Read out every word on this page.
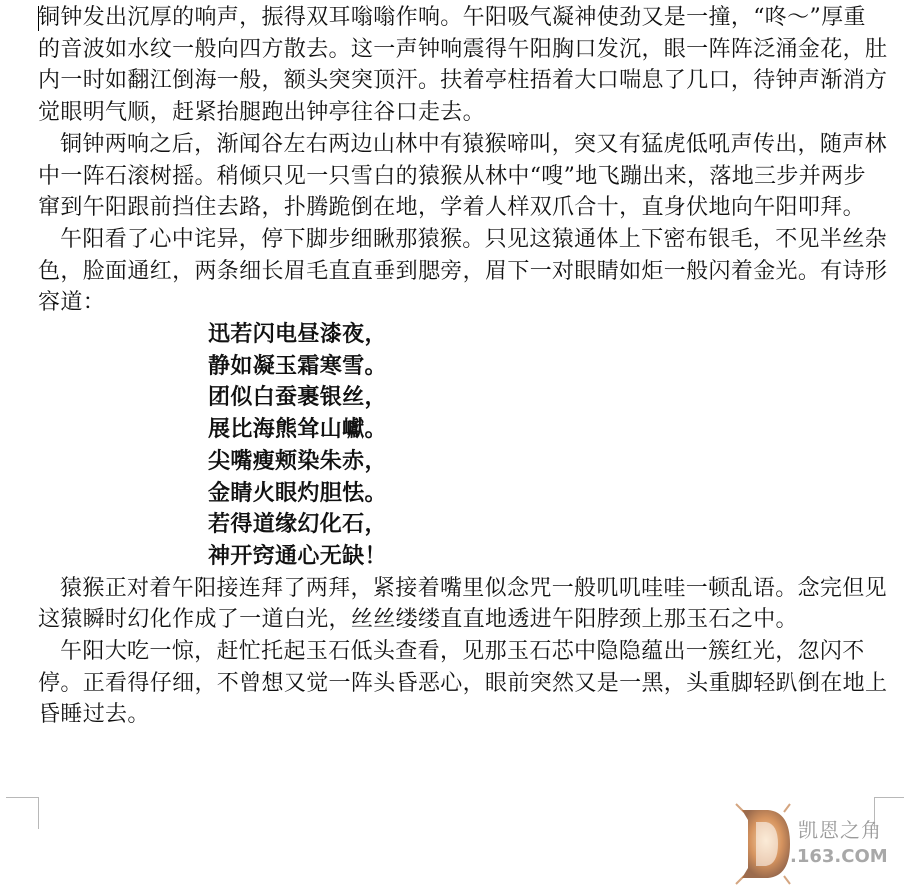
铜钟发出沉厚的响声，振得双耳嗡嗡作响。午阳吸气凝神使劲又是一撞，“咚～”厚重的音波如水纹一般向四方散去。这一声钟响震得午阳胸口发沉，眼一阵阵泛涌金花，肚内一时如翻江倒海一般，额头突突顶汗。扶着亭柱捂着大口喘息了几口，待钟声渐消方觉眼明气顺，赶紧抬腿跑出钟亭往谷口走去。

铜钟两响之后，渐闻谷左右两边山林中有猿猴啼叫，突又有猛虎低吼声传出，随声林中一阵石滚树摇。稍倾只见一只雪白的猿猴从林中“嗖”地飞蹦出来，落地三步并两步窜到午阳跟前挡住去路，扑腾跪倒在地，学着人样双爪合十，直身伏地向午阳叩拜。

午阳看了心中诧异，停下脚步细瞅那猿猴。只见这猿通体上下密布银毛，不见半丝杂色，脸面通红，两条细长眉毛直直垂到腮旁，眉下一对眼睛如炬一般闪着金光。有诗形容道：

迅若闪电昼漆夜，

静如凝玉霜寒雪。

团似白蚕裹银丝，

展比海熊耸山巘。

尖嘴瘦颊染朱赤，

金睛火眼灼胆怯。

若得道缘幻化石，

神开窍通心无缺！

猿猴正对着午阳接连拜了两拜，紧接着嘴里似念咒一般叽叽哇哇一顿乱语。念完但见这猿瞬时幻化作成了一道白光，丝丝缕缕直直地透进午阳脖颈上那玉石之中。

午阳大吃一惊，赶忙托起玉石低头查看，见那玉石芯中隐隐蕴出一簇红光，忽闪不停。正看得仔细，不曾想又觉一阵头昏恶心，眼前突然又是一黑，头重脚轻趴倒在地上昏睡过去。

凯恩之角
.163.COM
